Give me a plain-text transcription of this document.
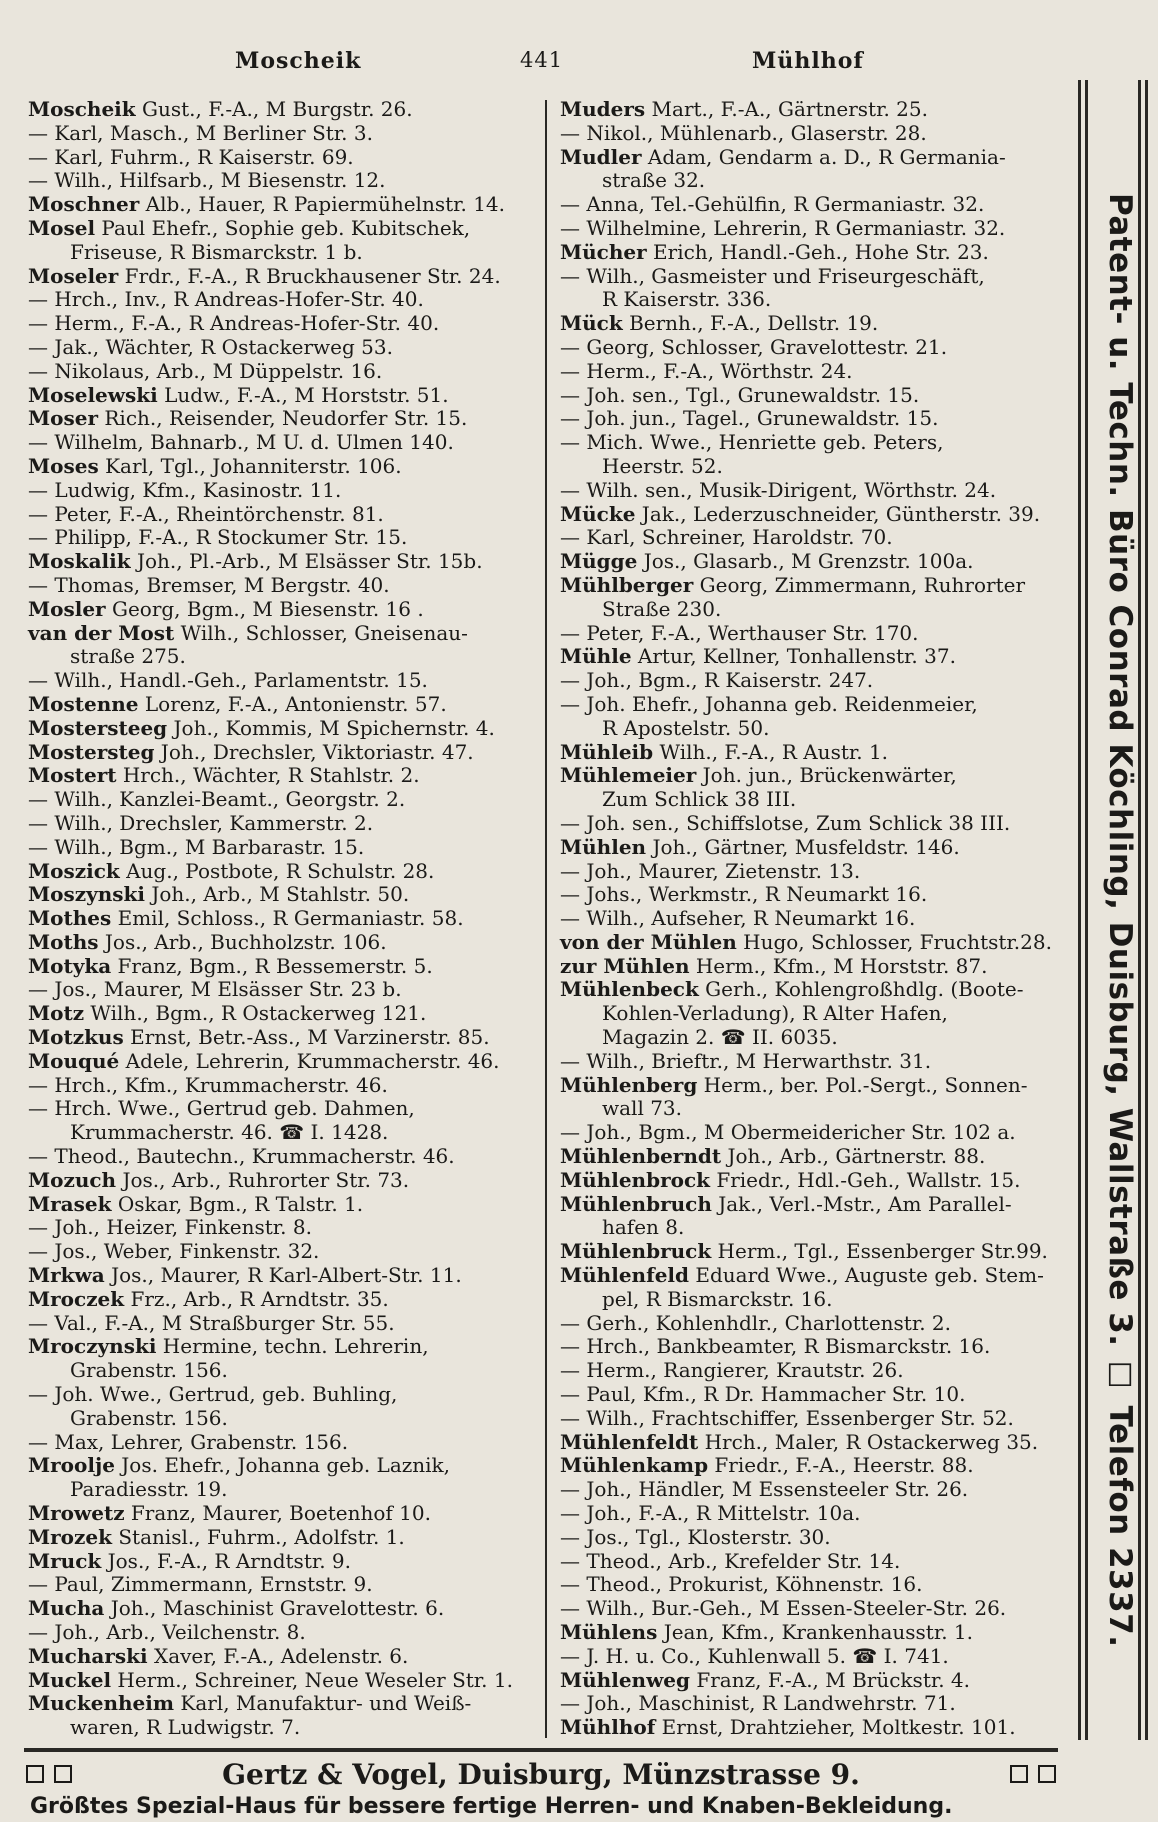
Moscheik	441	Mühlhof
Moscheik Gust., F.-A., M Burgstr. 26.
— Karl, Masch., M Berliner Str. 3.
— Karl, Fuhrm., R Kaiserstr. 69.
— Wilh., Hilfsarb., M Biesenstr. 12.
Moschner Alb., Hauer, R Papiermühelnstr. 14.
Mosel Paul Ehefr., Sophie geb. Kubitschek,
Friseuse, R Bismarckstr. 1 b.
Moseler Frdr., F.-A., R Bruckhausener Str. 24.
— Hrch., Inv., R Andreas-Hofer-Str. 40.
— Herm., F.-A., R Andreas-Hofer-Str. 40.
— Jak., Wächter, R Ostackerweg 53.
— Nikolaus, Arb., M Düppelstr. 16.
Moselewski Ludw., F.-A., M Horststr. 51.
Moser Rich., Reisender, Neudorfer Str. 15.
— Wilhelm, Bahnarb., M U. d. Ulmen 140.
Moses Karl, Tgl., Johanniterstr. 106.
— Ludwig, Kfm., Kasinostr. 11.
— Peter, F.-A., Rheintörchenstr. 81.
— Philipp, F.-A., R Stockumer Str. 15.
Moskalik Joh., Pl.-Arb., M Elsässer Str. 15b.
— Thomas, Bremser, M Bergstr. 40.
Mosler Georg, Bgm., M Biesenstr. 16 .
van der Most Wilh., Schlosser, Gneisenau-
straße 275.
— Wilh., Handl.-Geh., Parlamentstr. 15.
Mostenne Lorenz, F.-A., Antonienstr. 57.
Mostersteeg Joh., Kommis, M Spichernstr. 4.
Mostersteg Joh., Drechsler, Viktoriastr. 47.
Mostert Hrch., Wächter, R Stahlstr. 2.
— Wilh., Kanzlei-Beamt., Georgstr. 2.
— Wilh., Drechsler, Kammerstr. 2.
— Wilh., Bgm., M Barbarastr. 15.
Moszick Aug., Postbote, R Schulstr. 28.
Moszynski Joh., Arb., M Stahlstr. 50.
Mothes Emil, Schloss., R Germaniastr. 58.
Moths Jos., Arb., Buchholzstr. 106.
Motyka Franz, Bgm., R Bessemerstr. 5.
— Jos., Maurer, M Elsässer Str. 23 b.
Motz Wilh., Bgm., R Ostackerweg 121.
Motzkus Ernst, Betr.-Ass., M Varzinerstr. 85.
Mouqué Adele, Lehrerin, Krummacherstr. 46.
— Hrch., Kfm., Krummacherstr. 46.
— Hrch. Wwe., Gertrud geb. Dahmen,
Krummacherstr. 46. ☎ I. 1428.
— Theod., Bautechn., Krummacherstr. 46.
Mozuch Jos., Arb., Ruhrorter Str. 73.
Mrasek Oskar, Bgm., R Talstr. 1.
— Joh., Heizer, Finkenstr. 8.
— Jos., Weber, Finkenstr. 32.
Mrkwa Jos., Maurer, R Karl-Albert-Str. 11.
Mroczek Frz., Arb., R Arndtstr. 35.
— Val., F.-A., M Straßburger Str. 55.
Mroczynski Hermine, techn. Lehrerin,
Grabenstr. 156.
— Joh. Wwe., Gertrud, geb. Buhling,
Grabenstr. 156.
— Max, Lehrer, Grabenstr. 156.
Mroolje Jos. Ehefr., Johanna geb. Laznik,
Paradiesstr. 19.
Mrowetz Franz, Maurer, Boetenhof 10.
Mrozek Stanisl., Fuhrm., Adolfstr. 1.
Mruck Jos., F.-A., R Arndtstr. 9.
— Paul, Zimmermann, Ernststr. 9.
Mucha Joh., Maschinist Gravelottestr. 6.
— Joh., Arb., Veilchenstr. 8.
Mucharski Xaver, F.-A., Adelenstr. 6.
Muckel Herm., Schreiner, Neue Weseler Str. 1.
Muckenheim Karl, Manufaktur- und Weiß-
waren, R Ludwigstr. 7.
Muders Mart., F.-A., Gärtnerstr. 25.
— Nikol., Mühlenarb., Glaserstr. 28.
Mudler Adam, Gendarm a. D., R Germania-
straße 32.
— Anna, Tel.-Gehülfin, R Germaniastr. 32.
— Wilhelmine, Lehrerin, R Germaniastr. 32.
Mücher Erich, Handl.-Geh., Hohe Str. 23.
— Wilh., Gasmeister und Friseurgeschäft,
R Kaiserstr. 336.
Mück Bernh., F.-A., Dellstr. 19.
— Georg, Schlosser, Gravelottestr. 21.
— Herm., F.-A., Wörthstr. 24.
— Joh. sen., Tgl., Grunewaldstr. 15.
— Joh. jun., Tagel., Grunewaldstr. 15.
— Mich. Wwe., Henriette geb. Peters,
Heerstr. 52.
— Wilh. sen., Musik-Dirigent, Wörthstr. 24.
Mücke Jak., Lederzuschneider, Güntherstr. 39.
— Karl, Schreiner, Haroldstr. 70.
Mügge Jos., Glasarb., M Grenzstr. 100a.
Mühlberger Georg, Zimmermann, Ruhrorter
Straße 230.
— Peter, F.-A., Werthauser Str. 170.
Mühle Artur, Kellner, Tonhallenstr. 37.
— Joh., Bgm., R Kaiserstr. 247.
— Joh. Ehefr., Johanna geb. Reidenmeier,
R Apostelstr. 50.
Mühleib Wilh., F.-A., R Austr. 1.
Mühlemeier Joh. jun., Brückenwärter,
Zum Schlick 38 III.
— Joh. sen., Schiffslotse, Zum Schlick 38 III.
Mühlen Joh., Gärtner, Musfeldstr. 146.
— Joh., Maurer, Zietenstr. 13.
— Johs., Werkmstr., R Neumarkt 16.
— Wilh., Aufseher, R Neumarkt 16.
von der Mühlen Hugo, Schlosser, Fruchtstr.28.
zur Mühlen Herm., Kfm., M Horststr. 87.
Mühlenbeck Gerh., Kohlengroßhdlg. (Boote-
Kohlen-Verladung), R Alter Hafen,
Magazin 2. ☎ II. 6035.
— Wilh., Brieftr., M Herwarthstr. 31.
Mühlenberg Herm., ber. Pol.-Sergt., Sonnen-
wall 73.
— Joh., Bgm., M Obermeidericher Str. 102 a.
Mühlenberndt Joh., Arb., Gärtnerstr. 88.
Mühlenbrock Friedr., Hdl.-Geh., Wallstr. 15.
Mühlenbruch Jak., Verl.-Mstr., Am Parallel-
hafen 8.
Mühlenbruck Herm., Tgl., Essenberger Str.99.
Mühlenfeld Eduard Wwe., Auguste geb. Stem-
pel, R Bismarckstr. 16.
— Gerh., Kohlenhdlr., Charlottenstr. 2.
— Hrch., Bankbeamter, R Bismarckstr. 16.
— Herm., Rangierer, Krautstr. 26.
— Paul, Kfm., R Dr. Hammacher Str. 10.
— Wilh., Frachtschiffer, Essenberger Str. 52.
Mühlenfeldt Hrch., Maler, R Ostackerweg 35.
Mühlenkamp Friedr., F.-A., Heerstr. 88.
— Joh., Händler, M Essensteeler Str. 26.
— Joh., F.-A., R Mittelstr. 10a.
— Jos., Tgl., Klosterstr. 30.
— Theod., Arb., Krefelder Str. 14.
— Theod., Prokurist, Köhnenstr. 16.
— Wilh., Bur.-Geh., M Essen-Steeler-Str. 26.
Mühlens Jean, Kfm., Krankenhausstr. 1.
— J. H. u. Co., Kuhlenwall 5. ☎ I. 741.
Mühlenweg Franz, F.-A., M Brückstr. 4.
— Joh., Maschinist, R Landwehrstr. 71.
Mühlhof Ernst, Drahtzieher, Moltkestr. 101.
Patent- u. Techn. Büro Conrad Köchling, Duisburg, Wallstraße 3. ☐ Telefon 2337.
Gertz & Vogel, Duisburg, Münzstrasse 9.
Größtes Spezial-Haus für bessere fertige Herren- und Knaben-Bekleidung.
